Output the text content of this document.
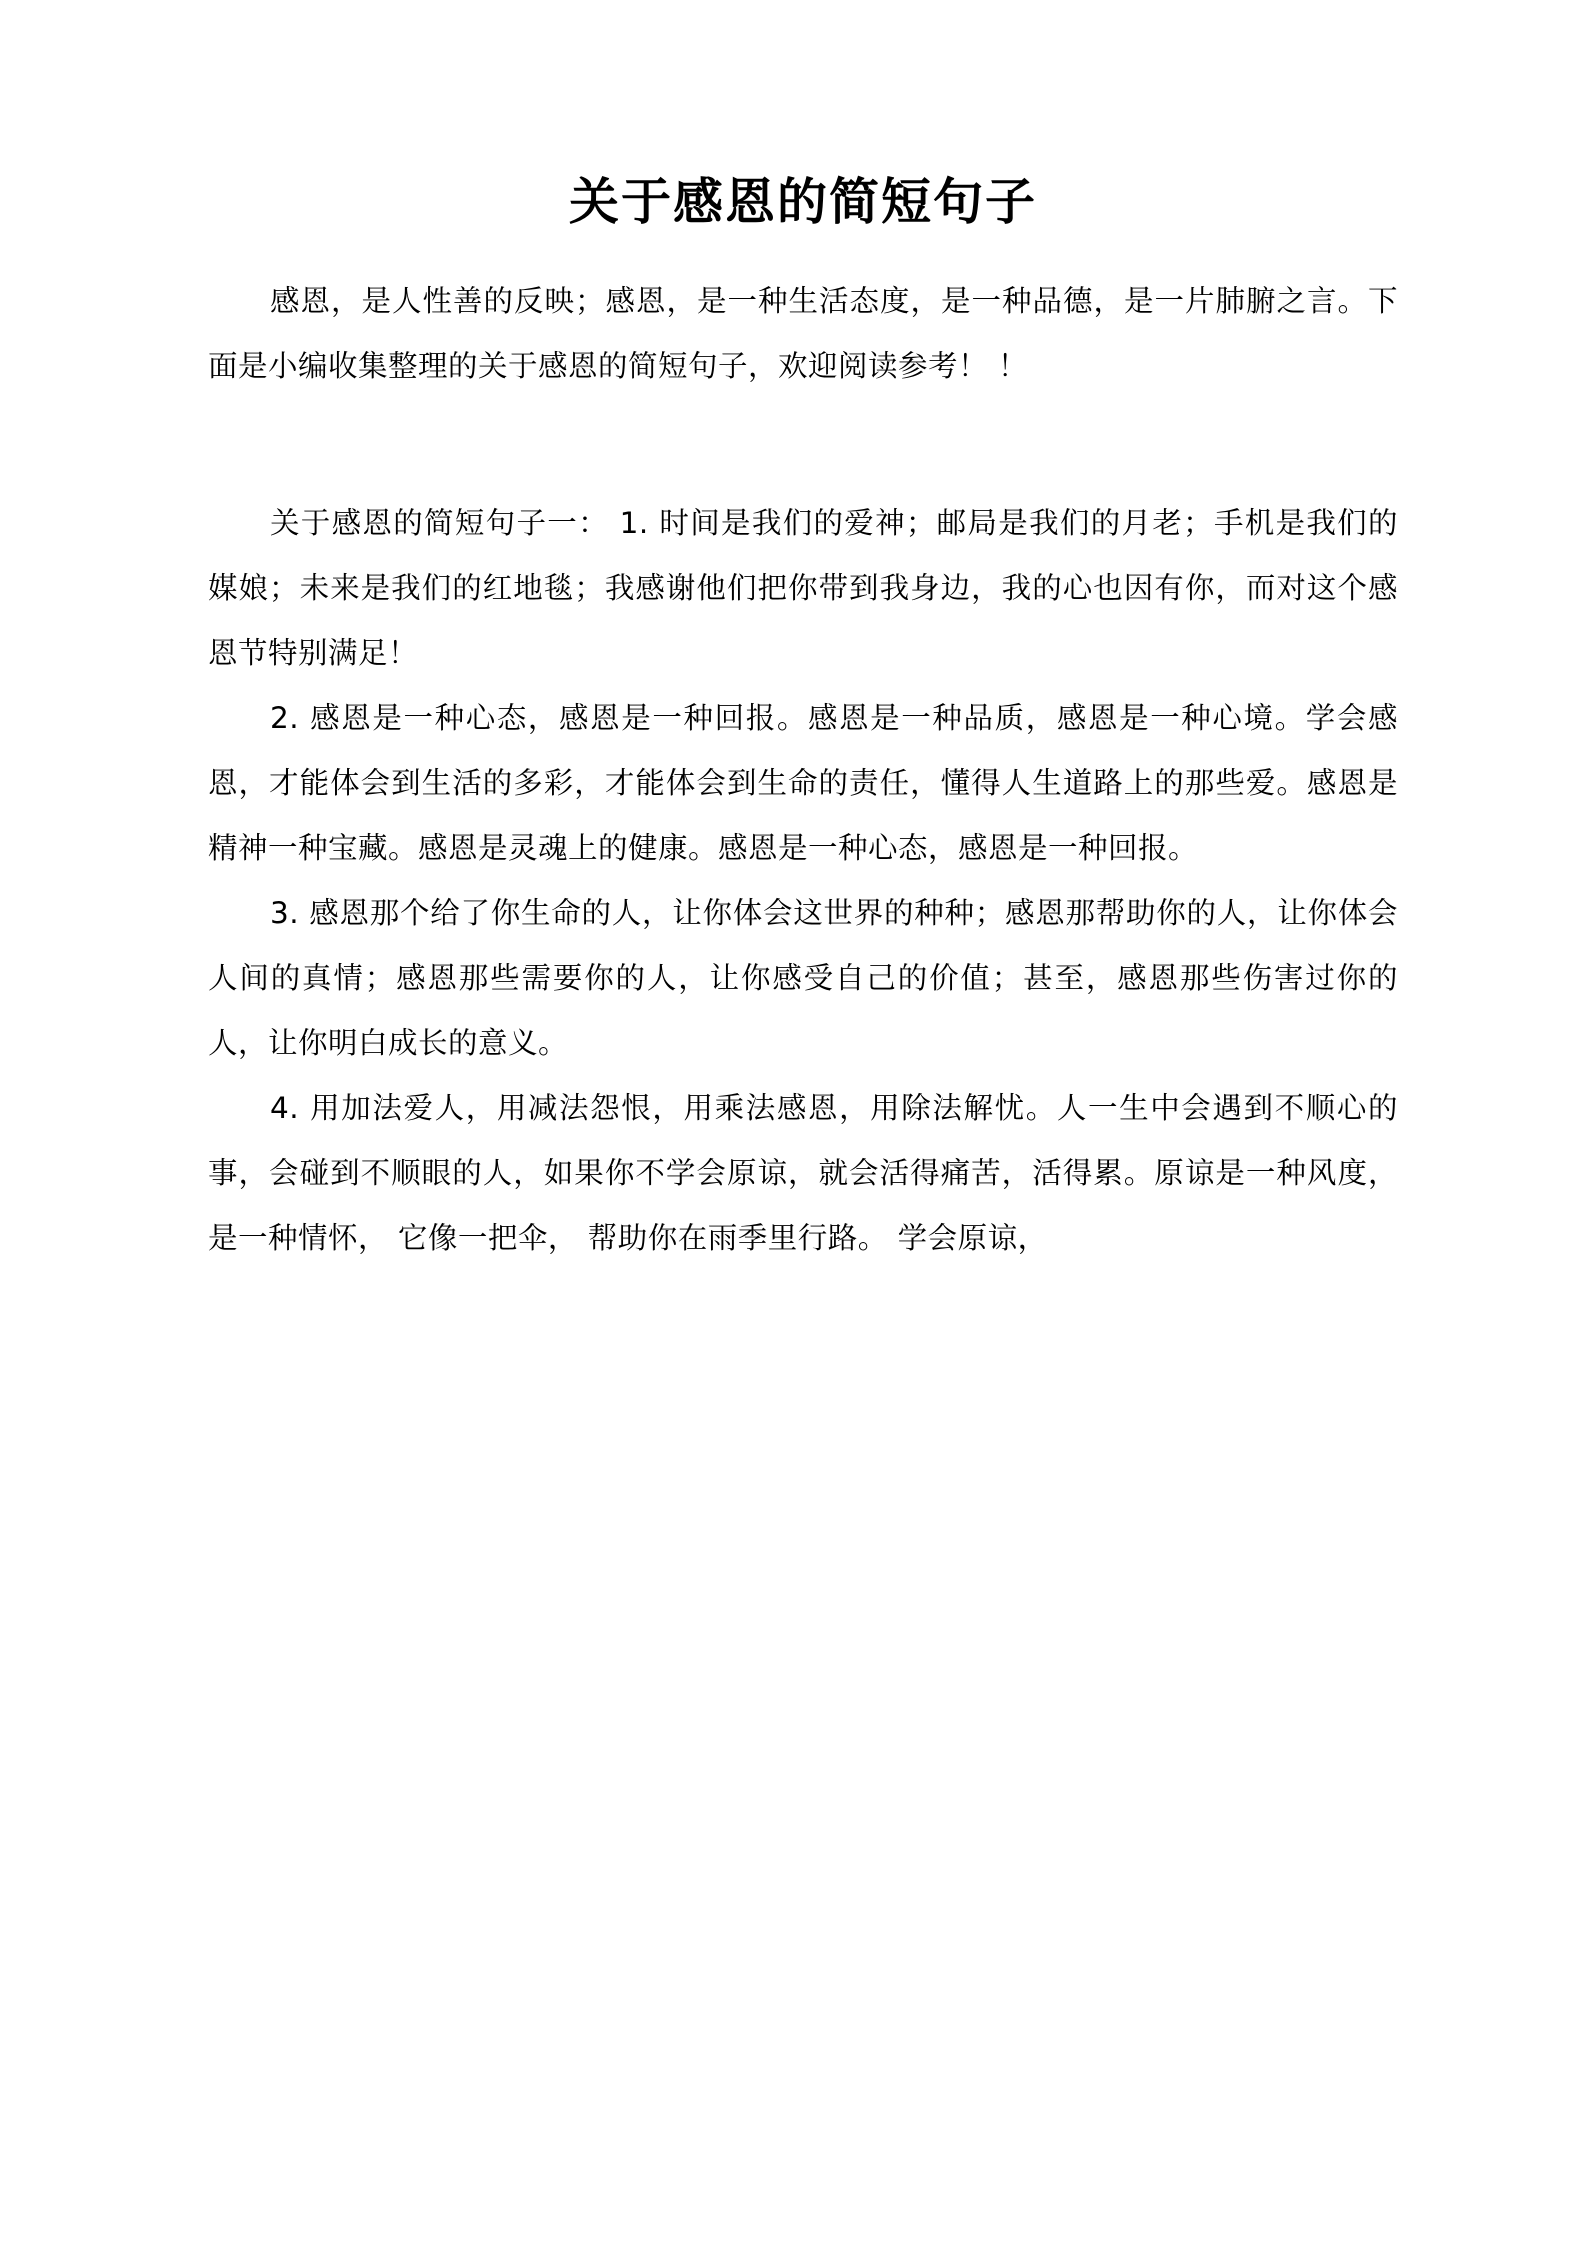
关于感恩的简短句子

感恩，是人性善的反映；感恩，是一种生活态度，是一种品德，是一片肺腑之言。下面是小编收集整理的关于感恩的简短句子，欢迎阅读参考！ ！

关于感恩的简短句子一： 1. 时间是我们的爱神；邮局是我们的月老；手机是我们的媒娘；未来是我们的红地毯；我感谢他们把你带到我身边，我的心也因有你，而对这个感恩节特别满足！

2. 感恩是一种心态，感恩是一种回报。感恩是一种品质，感恩是一种心境。学会感恩，才能体会到生活的多彩，才能体会到生命的责任，懂得人生道路上的那些爱。感恩是精神一种宝藏。感恩是灵魂上的健康。感恩是一种心态，感恩是一种回报。

3. 感恩那个给了你生命的人，让你体会这世界的种种；感恩那帮助你的人，让你体会人间的真情；感恩那些需要你的人，让你感受自己的价值；甚至，感恩那些伤害过你的人，让你明白成长的意义。

4. 用加法爱人，用减法怨恨，用乘法感恩，用除法解忧。人一生中会遇到不顺心的事，会碰到不顺眼的人，如果你不学会原谅，就会活得痛苦，活得累。原谅是一种风度，是一种情怀， 它像一把伞， 帮助你在雨季里行路。 学会原谅，
